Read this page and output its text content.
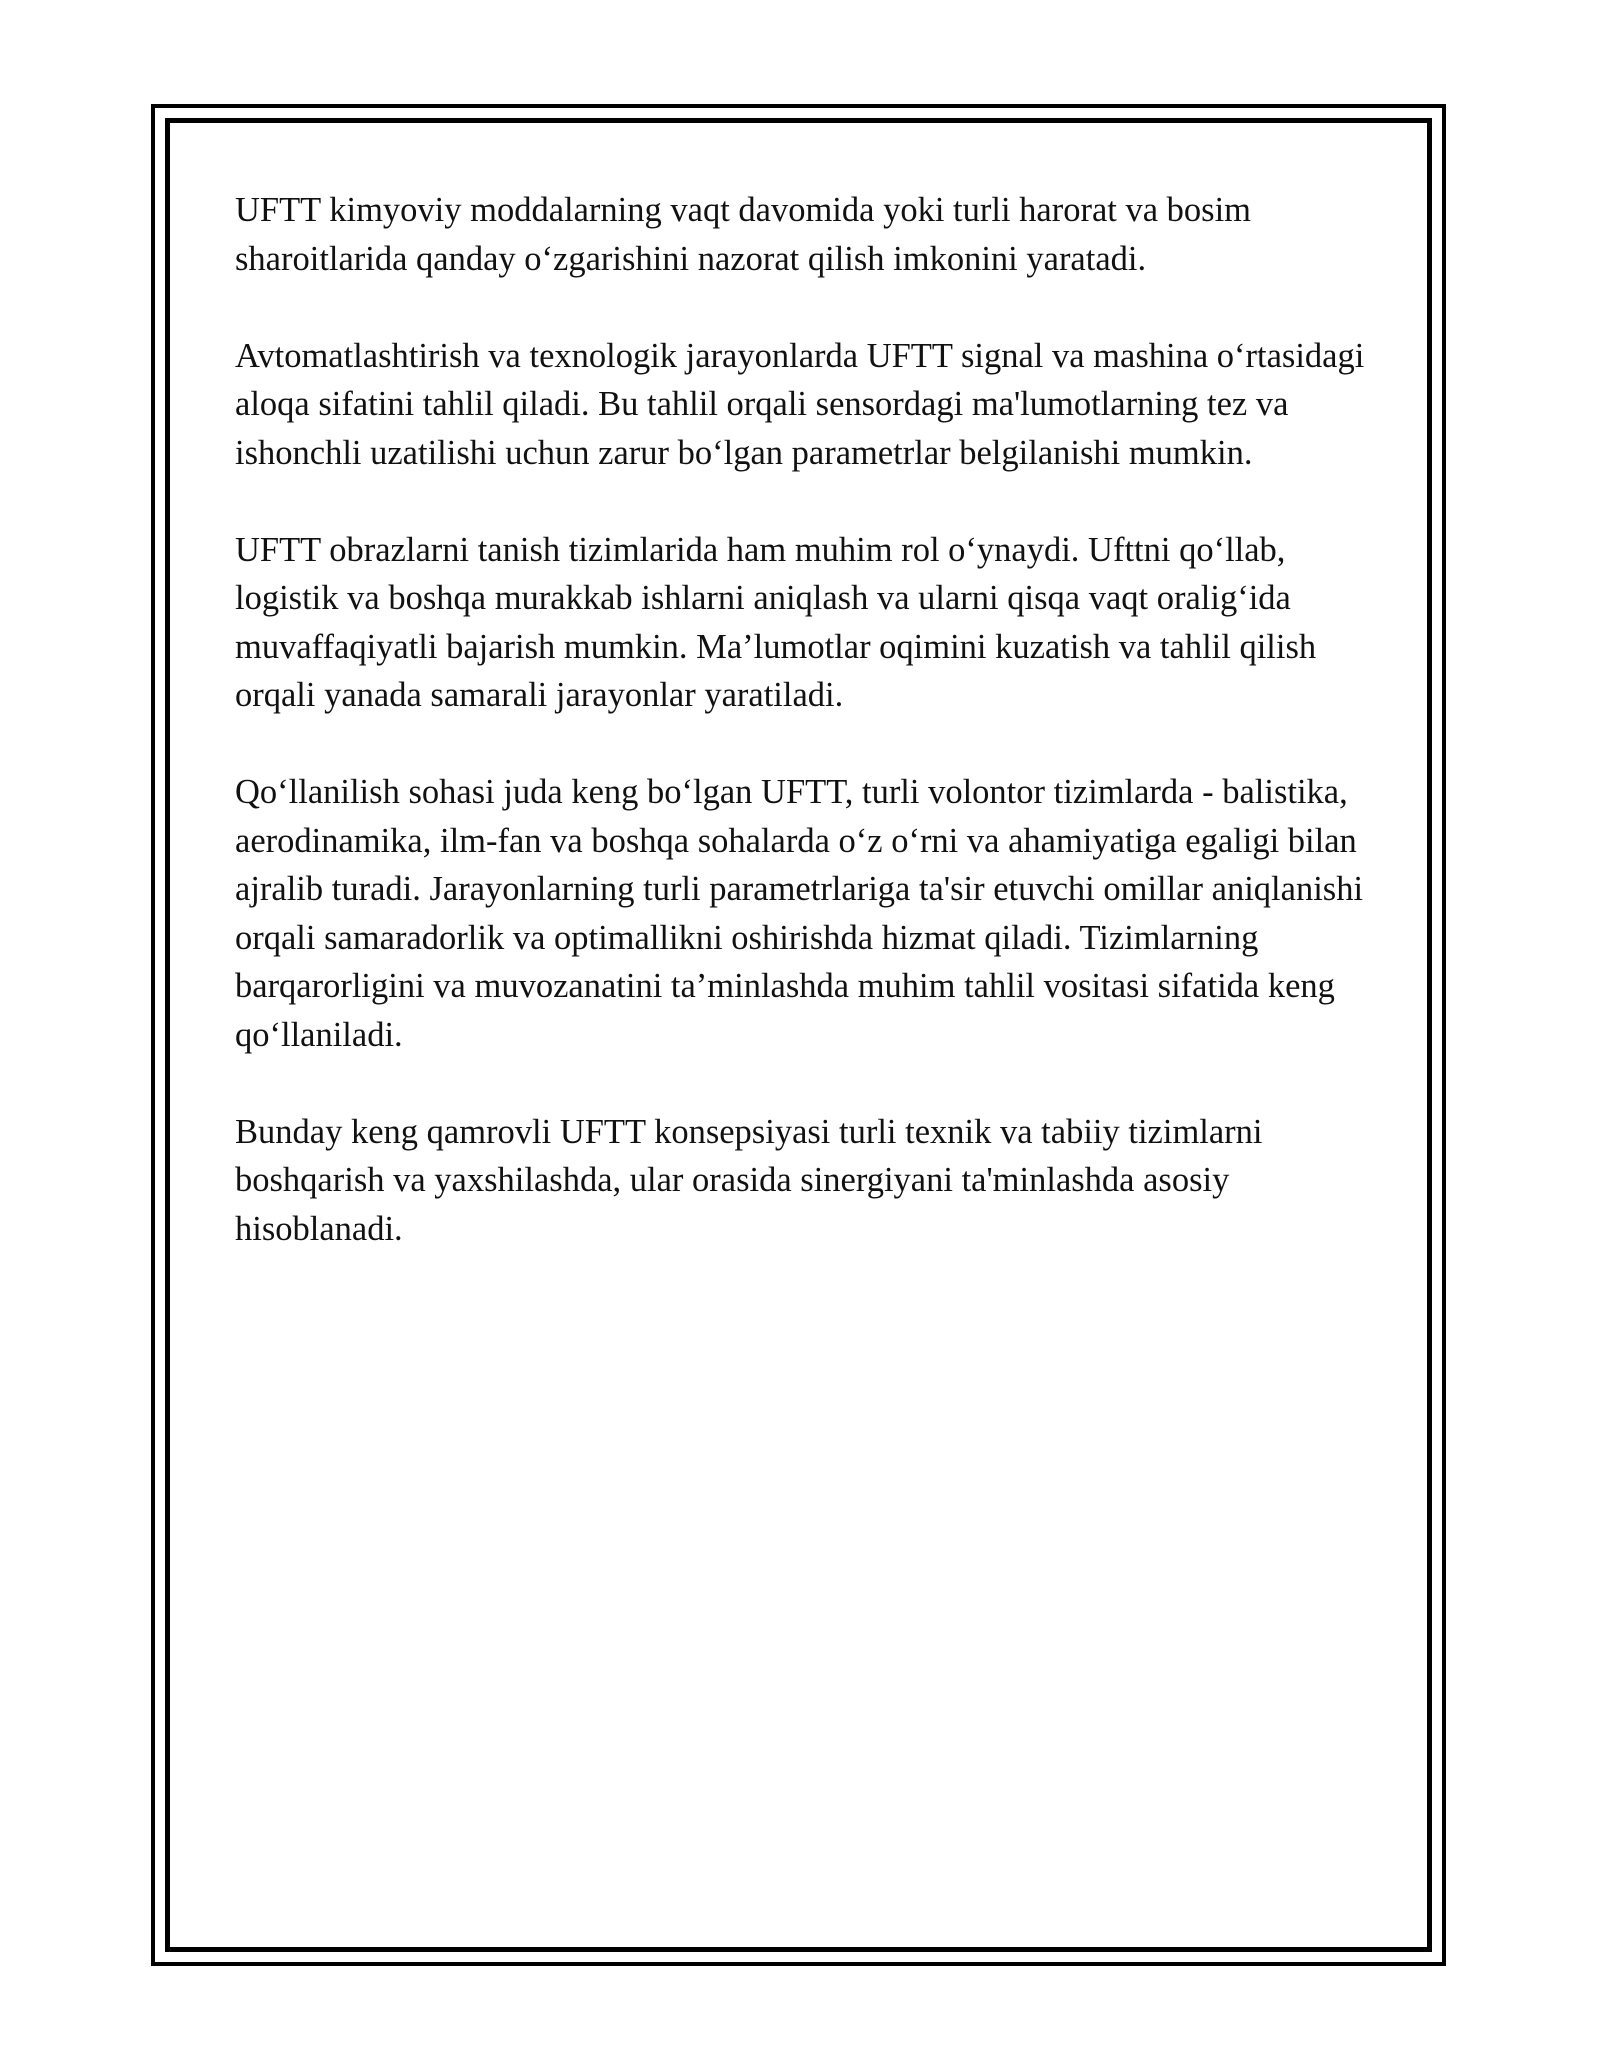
UFTT kimyoviy moddalarning vaqt davomida yoki turli harorat va bosim sharoitlarida qanday o‘zgarishini nazorat qilish imkonini yaratadi.

Avtomatlashtirish va texnologik jarayonlarda UFTT signal va mashina o‘rtasidagi aloqa sifatini tahlil qiladi. Bu tahlil orqali sensordagi ma'lumotlarning tez va ishonchli uzatilishi uchun zarur bo‘lgan parametrlar belgilanishi mumkin.

UFTT obrazlarni tanish tizimlarida ham muhim rol o‘ynaydi. Ufttni qo‘llab, logistik va boshqa murakkab ishlarni aniqlash va ularni qisqa vaqt oralig‘ida muvaffaqiyatli bajarish mumkin. Ma’lumotlar oqimini kuzatish va tahlil qilish orqali yanada samarali jarayonlar yaratiladi.

Qo‘llanilish sohasi juda keng bo‘lgan UFTT, turli volontor tizimlarda - balistika, aerodinamika, ilm-fan va boshqa sohalarda o‘z o‘rni va ahamiyatiga egaligi bilan ajralib turadi. Jarayonlarning turli parametrlariga ta'sir etuvchi omillar aniqlanishi orqali samaradorlik va optimallikni oshirishda hizmat qiladi. Tizimlarning barqarorligini va muvozanatini ta’minlashda muhim tahlil vositasi sifatida keng qo‘llaniladi.

Bunday keng qamrovli UFTT konsepsiyasi turli texnik va tabiiy tizimlarni boshqarish va yaxshilashda, ular orasida sinergiyani ta'minlashda asosiy hisoblanadi.
